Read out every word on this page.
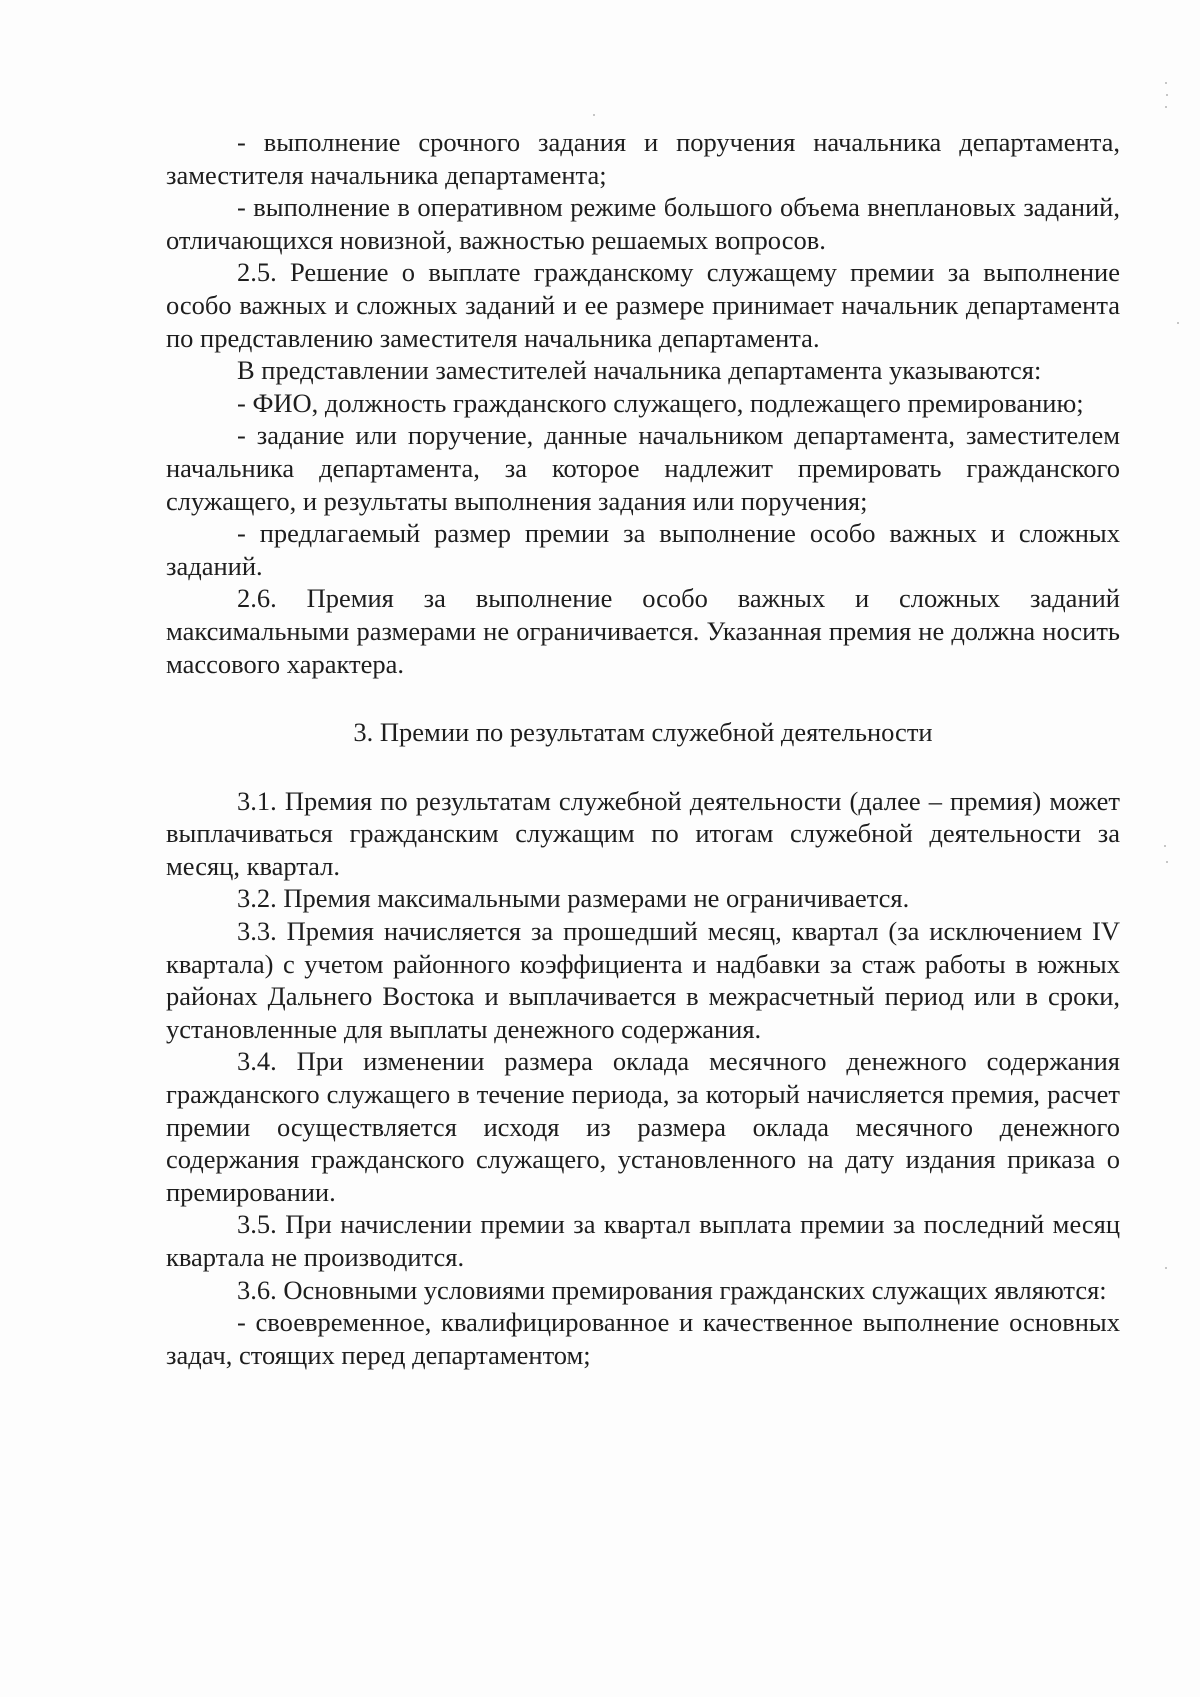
- выполнение срочного задания и поручения начальника департамента, заместителя начальника департамента;

- выполнение в оперативном режиме большого объема внеплановых заданий, отличающихся новизной, важностью решаемых вопросов.

2.5. Решение о выплате гражданскому служащему премии за выполнение особо важных и сложных заданий и ее размере принимает начальник департамента по представлению заместителя начальника департамента.

В представлении заместителей начальника департамента указываются:

- ФИО, должность гражданского служащего, подлежащего премированию;

- задание или поручение, данные начальником департамента, заместителем начальника департамента, за которое надлежит премировать гражданского служащего, и результаты выполнения задания или поручения;

- предлагаемый размер премии за выполнение особо важных и сложных заданий.

2.6. Премия за выполнение особо важных и сложных заданий максимальными размерами не ограничивается. Указанная премия не должна носить массового характера.

3. Премии по результатам служебной деятельности

3.1. Премия по результатам служебной деятельности (далее – премия) может выплачиваться гражданским служащим по итогам служебной деятельности за месяц, квартал.

3.2. Премия максимальными размерами не ограничивается.

3.3. Премия начисляется за прошедший месяц, квартал (за исключением IV квартала) с учетом районного коэффициента и надбавки за стаж работы в южных районах Дальнего Востока и выплачивается в межрасчетный период или в сроки, установленные для выплаты денежного содержания.

3.4. При изменении размера оклада месячного денежного содержания гражданского служащего в течение периода, за который начисляется премия, расчет премии осуществляется исходя из размера оклада месячного денежного содержания гражданского служащего, установленного на дату издания приказа о премировании.

3.5. При начислении премии за квартал выплата премии за последний месяц квартала не производится.

3.6. Основными условиями премирования гражданских служащих являются:

- своевременное, квалифицированное и качественное выполнение основных задач, стоящих перед департаментом;
